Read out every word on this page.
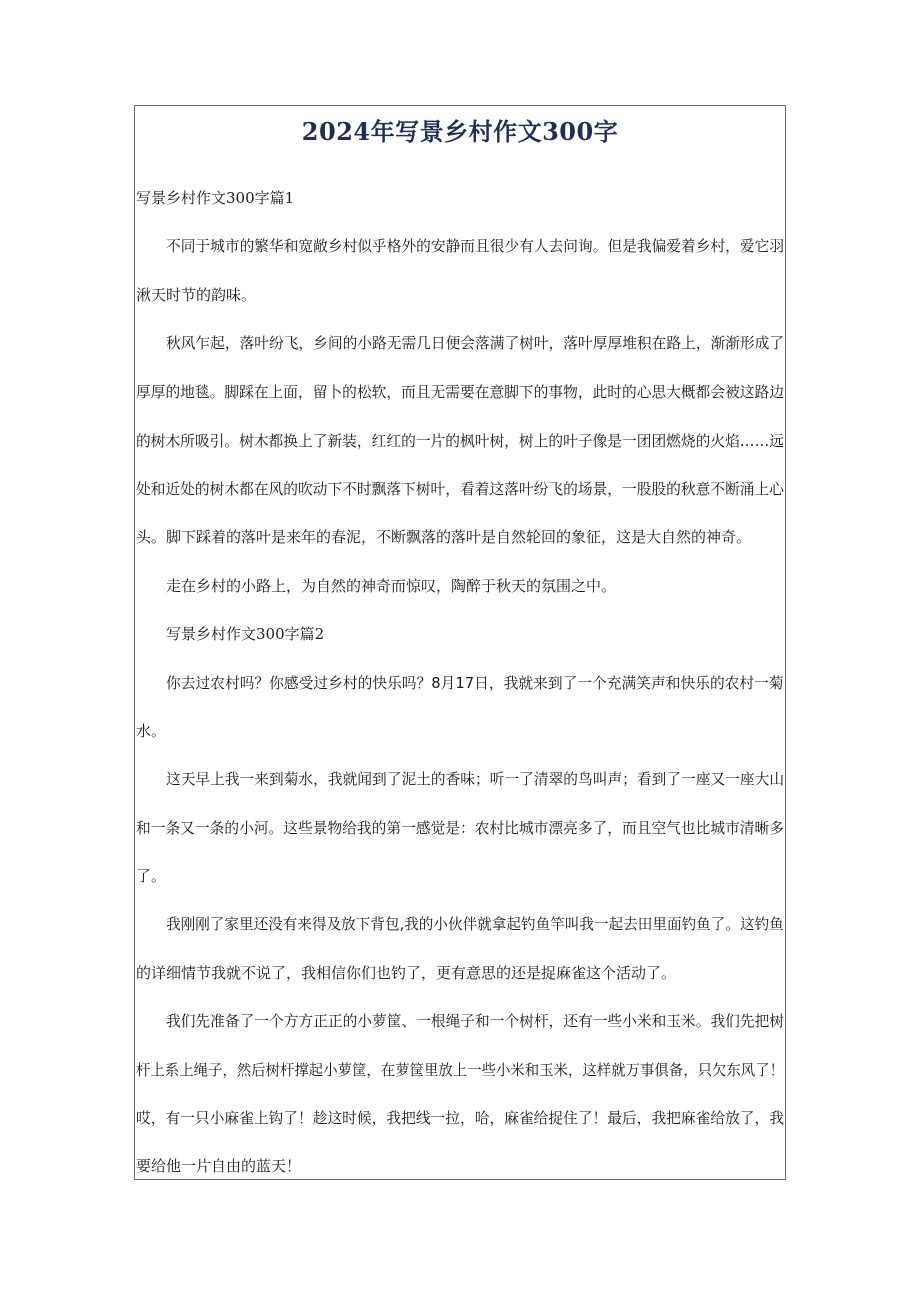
2024年写景乡村作文300字
写景乡村作文300字篇1
不同于城市的繁华和宽敞乡村似乎格外的安静而且很少有人去问询。但是我偏爱着乡村，爱它羽
湫天时节的韵味。
秋风乍起，落叶纷飞，乡间的小路无需几日便会落满了树叶，落叶厚厚堆积在路上，渐渐形成了
厚厚的地毯。脚踩在上面，留卜的松软，而且无需要在意脚下的事物，此时的心思大概都会被这路边
的树木所吸引。树木都换上了新装，红红的一片的枫叶树，树上的叶子像是一团团燃烧的火焰……远
处和近处的树木都在风的吹动下不时飘落下树叶，看着这落叶纷飞的场景，一股股的秋意不断涌上心
头。脚下踩着的落叶是来年的春泥，不断飘落的落叶是自然轮回的象征，这是大自然的神奇。
走在乡村的小路上，为自然的神奇而惊叹，陶醉于秋天的氛围之中。
写景乡村作文300字篇2
你去过农村吗？你感受过乡村的快乐吗？8月17日，我就来到了一个充满笑声和快乐的农村一菊
水。
这天早上我一来到菊水，我就闻到了泥土的香味；听一了清翠的鸟叫声；看到了一座又一座大山
和一条又一条的小河。这些景物给我的第一感觉是：农村比城市漂亮多了，而且空气也比城市清晰多
了。
我刚刚了家里还没有来得及放下背包,我的小伙伴就拿起钓鱼竿叫我一起去田里面钓鱼了。这钓鱼
的详细情节我就不说了，我相信你们也钓了，更有意思的还是捉麻雀这个活动了。
我们先准备了一个方方正正的小萝筐、一根绳子和一个树杆，还有一些小米和玉米。我们先把树
杆上系上绳子，然后树杆撑起小萝筐，在萝筐里放上一些小米和玉米，这样就万事俱备，只欠东风了！
哎，有一只小麻雀上钩了！趁这时候，我把线一拉，哈，麻雀给捉住了！最后，我把麻雀给放了，我
要给他一片自由的蓝天！
